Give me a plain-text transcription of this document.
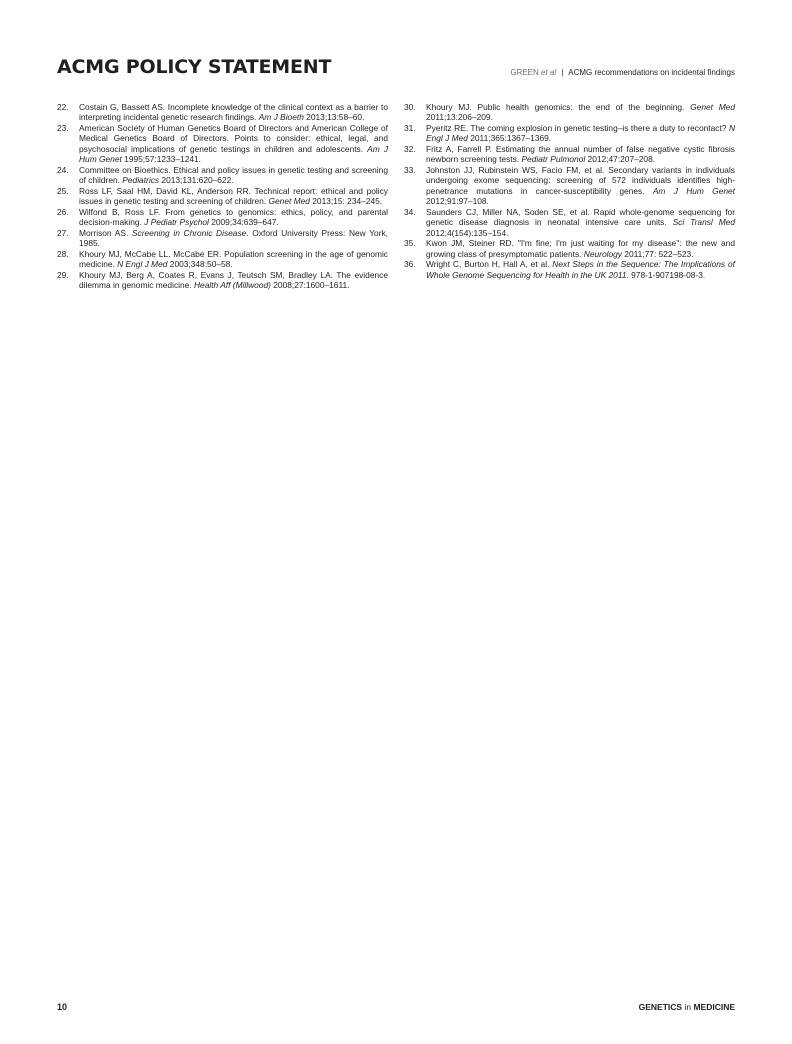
ACMG POLICY STATEMENT	GREEN et al | ACMG recommendations on incidental findings
22. Costain G, Bassett AS. Incomplete knowledge of the clinical context as a barrier to interpreting incidental genetic research findings. Am J Bioeth 2013;13:58–60.
23. American Society of Human Genetics Board of Directors and American College of Medical Genetics Board of Directors. Points to consider: ethical, legal, and psychosocial implications of genetic testings in children and adolescents. Am J Hum Genet 1995;57:1233–1241.
24. Committee on Bioethics. Ethical and policy issues in genetic testing and screening of children. Pediatrics 2013;131:620–622.
25. Ross LF, Saal HM, David KL, Anderson RR. Technical report: ethical and policy issues in genetic testing and screening of children. Genet Med 2013;15: 234–245.
26. Wilfond B, Ross LF. From genetics to genomics: ethics, policy, and parental decision-making. J Pediatr Psychol 2009;34:639–647.
27. Morrison AS. Screening in Chronic Disease. Oxford University Press: New York, 1985.
28. Khoury MJ, McCabe LL, McCabe ER. Population screening in the age of genomic medicine. N Engl J Med 2003;348:50–58.
29. Khoury MJ, Berg A, Coates R, Evans J, Teutsch SM, Bradley LA. The evidence dilemma in genomic medicine. Health Aff (Millwood) 2008;27:1600–1611.
30. Khoury MJ. Public health genomics: the end of the beginning. Genet Med 2011;13:206–209.
31. Pyeritz RE. The coming explosion in genetic testing–is there a duty to recontact? N Engl J Med 2011;365:1367–1369.
32. Fritz A, Farrell P. Estimating the annual number of false negative cystic fibrosis newborn screening tests. Pediatr Pulmonol 2012;47:207–208.
33. Johnston JJ, Rubinstein WS, Facio FM, et al. Secondary variants in individuals undergoing exome sequencing: screening of 572 individuals identifies high-penetrance mutations in cancer-susceptibility genes. Am J Hum Genet 2012;91:97–108.
34. Saunders CJ, Miller NA, Soden SE, et al. Rapid whole-genome sequencing for genetic disease diagnosis in neonatal intensive care units. Sci Transl Med 2012;4(154):135–154.
35. Kwon JM, Steiner RD. "I'm fine; I'm just waiting for my disease": the new and growing class of presymptomatic patients. Neurology 2011;77: 522–523.
36. Wright C, Burton H, Hall A, et al. Next Steps in the Sequence: The Implications of Whole Genome Sequencing for Health in the UK 2011. 978-1-907198-08-3.
10	GENETICS in MEDICINE
